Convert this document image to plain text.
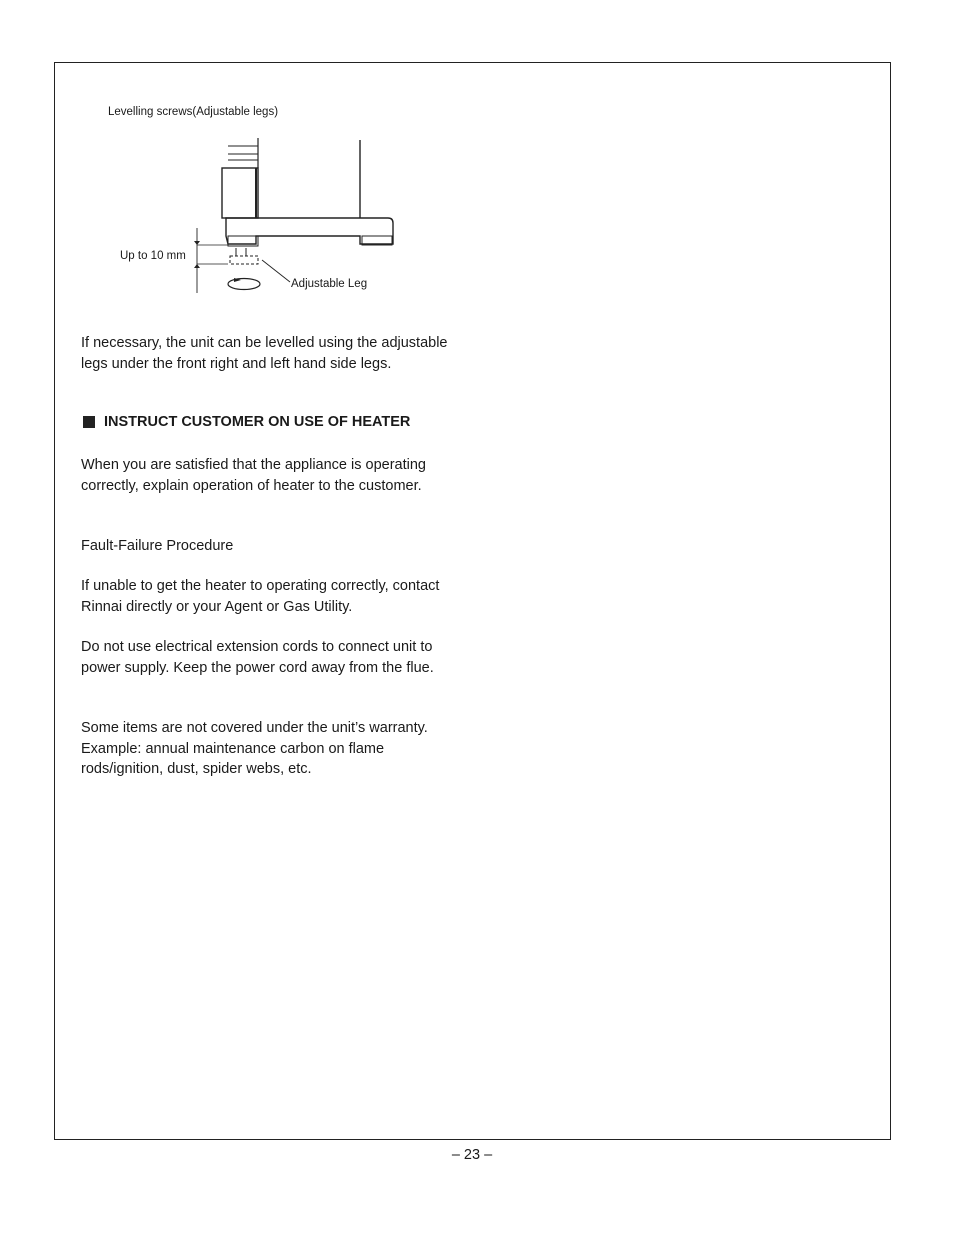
Levelling screws(Adjustable legs)
Up to 10 mm
Adjustable Leg
If necessary, the unit can be levelled using the adjustable legs under the front right and left hand side legs.
INSTRUCT CUSTOMER ON USE OF HEATER
When you are satisfied that the appliance is operating correctly, explain operation of heater to the customer.
Fault-Failure Procedure
If unable to get the heater to operating correctly, contact Rinnai directly or your Agent or Gas Utility.
Do not use electrical extension cords to connect unit to power supply. Keep the power cord away from the flue.
Some items are not covered under the unit’s warranty. Example: annual maintenance carbon on flame rods/ignition, dust, spider webs, etc.
– 23 –
